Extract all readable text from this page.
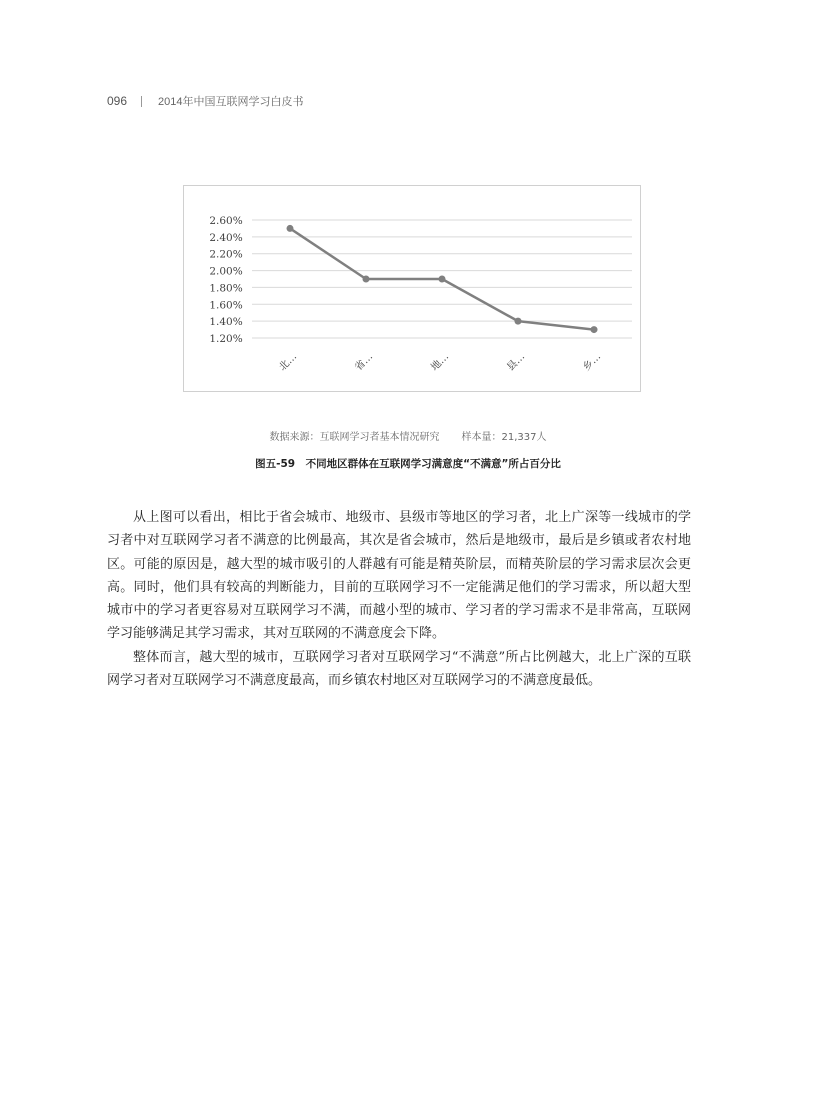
096	2014年中国互联网学习白皮书
2.60%
2.40%
2.20%
2.00%
1.80%
1.60%
1.40%
1.20%
北…	省…	地…	县…	乡…
数据来源：互联网学习者基本情况研究 样本量：21,337人
图五-59　不同地区群体在互联网学习满意度“不满意”所占百分比

从上图可以看出，相比于省会城市、地级市、县级市等地区的学习者，北上广深等一线城市的学习者中对互联网学习者不满意的比例最高，其次是省会城市，然后是地级市，最后是乡镇或者农村地区。可能的原因是，越大型的城市吸引的人群越有可能是精英阶层，而精英阶层的学习需求层次会更高。同时，他们具有较高的判断能力，目前的互联网学习不一定能满足他们的学习需求，所以超大型城市中的学习者更容易对互联网学习不满，而越小型的城市、学习者的学习需求不是非常高，互联网学习能够满足其学习需求，其对互联网的不满意度会下降。

整体而言，越大型的城市，互联网学习者对互联网学习“不满意”所占比例越大，北上广深的互联网学习者对互联网学习不满意度最高，而乡镇农村地区对互联网学习的不满意度最低。
